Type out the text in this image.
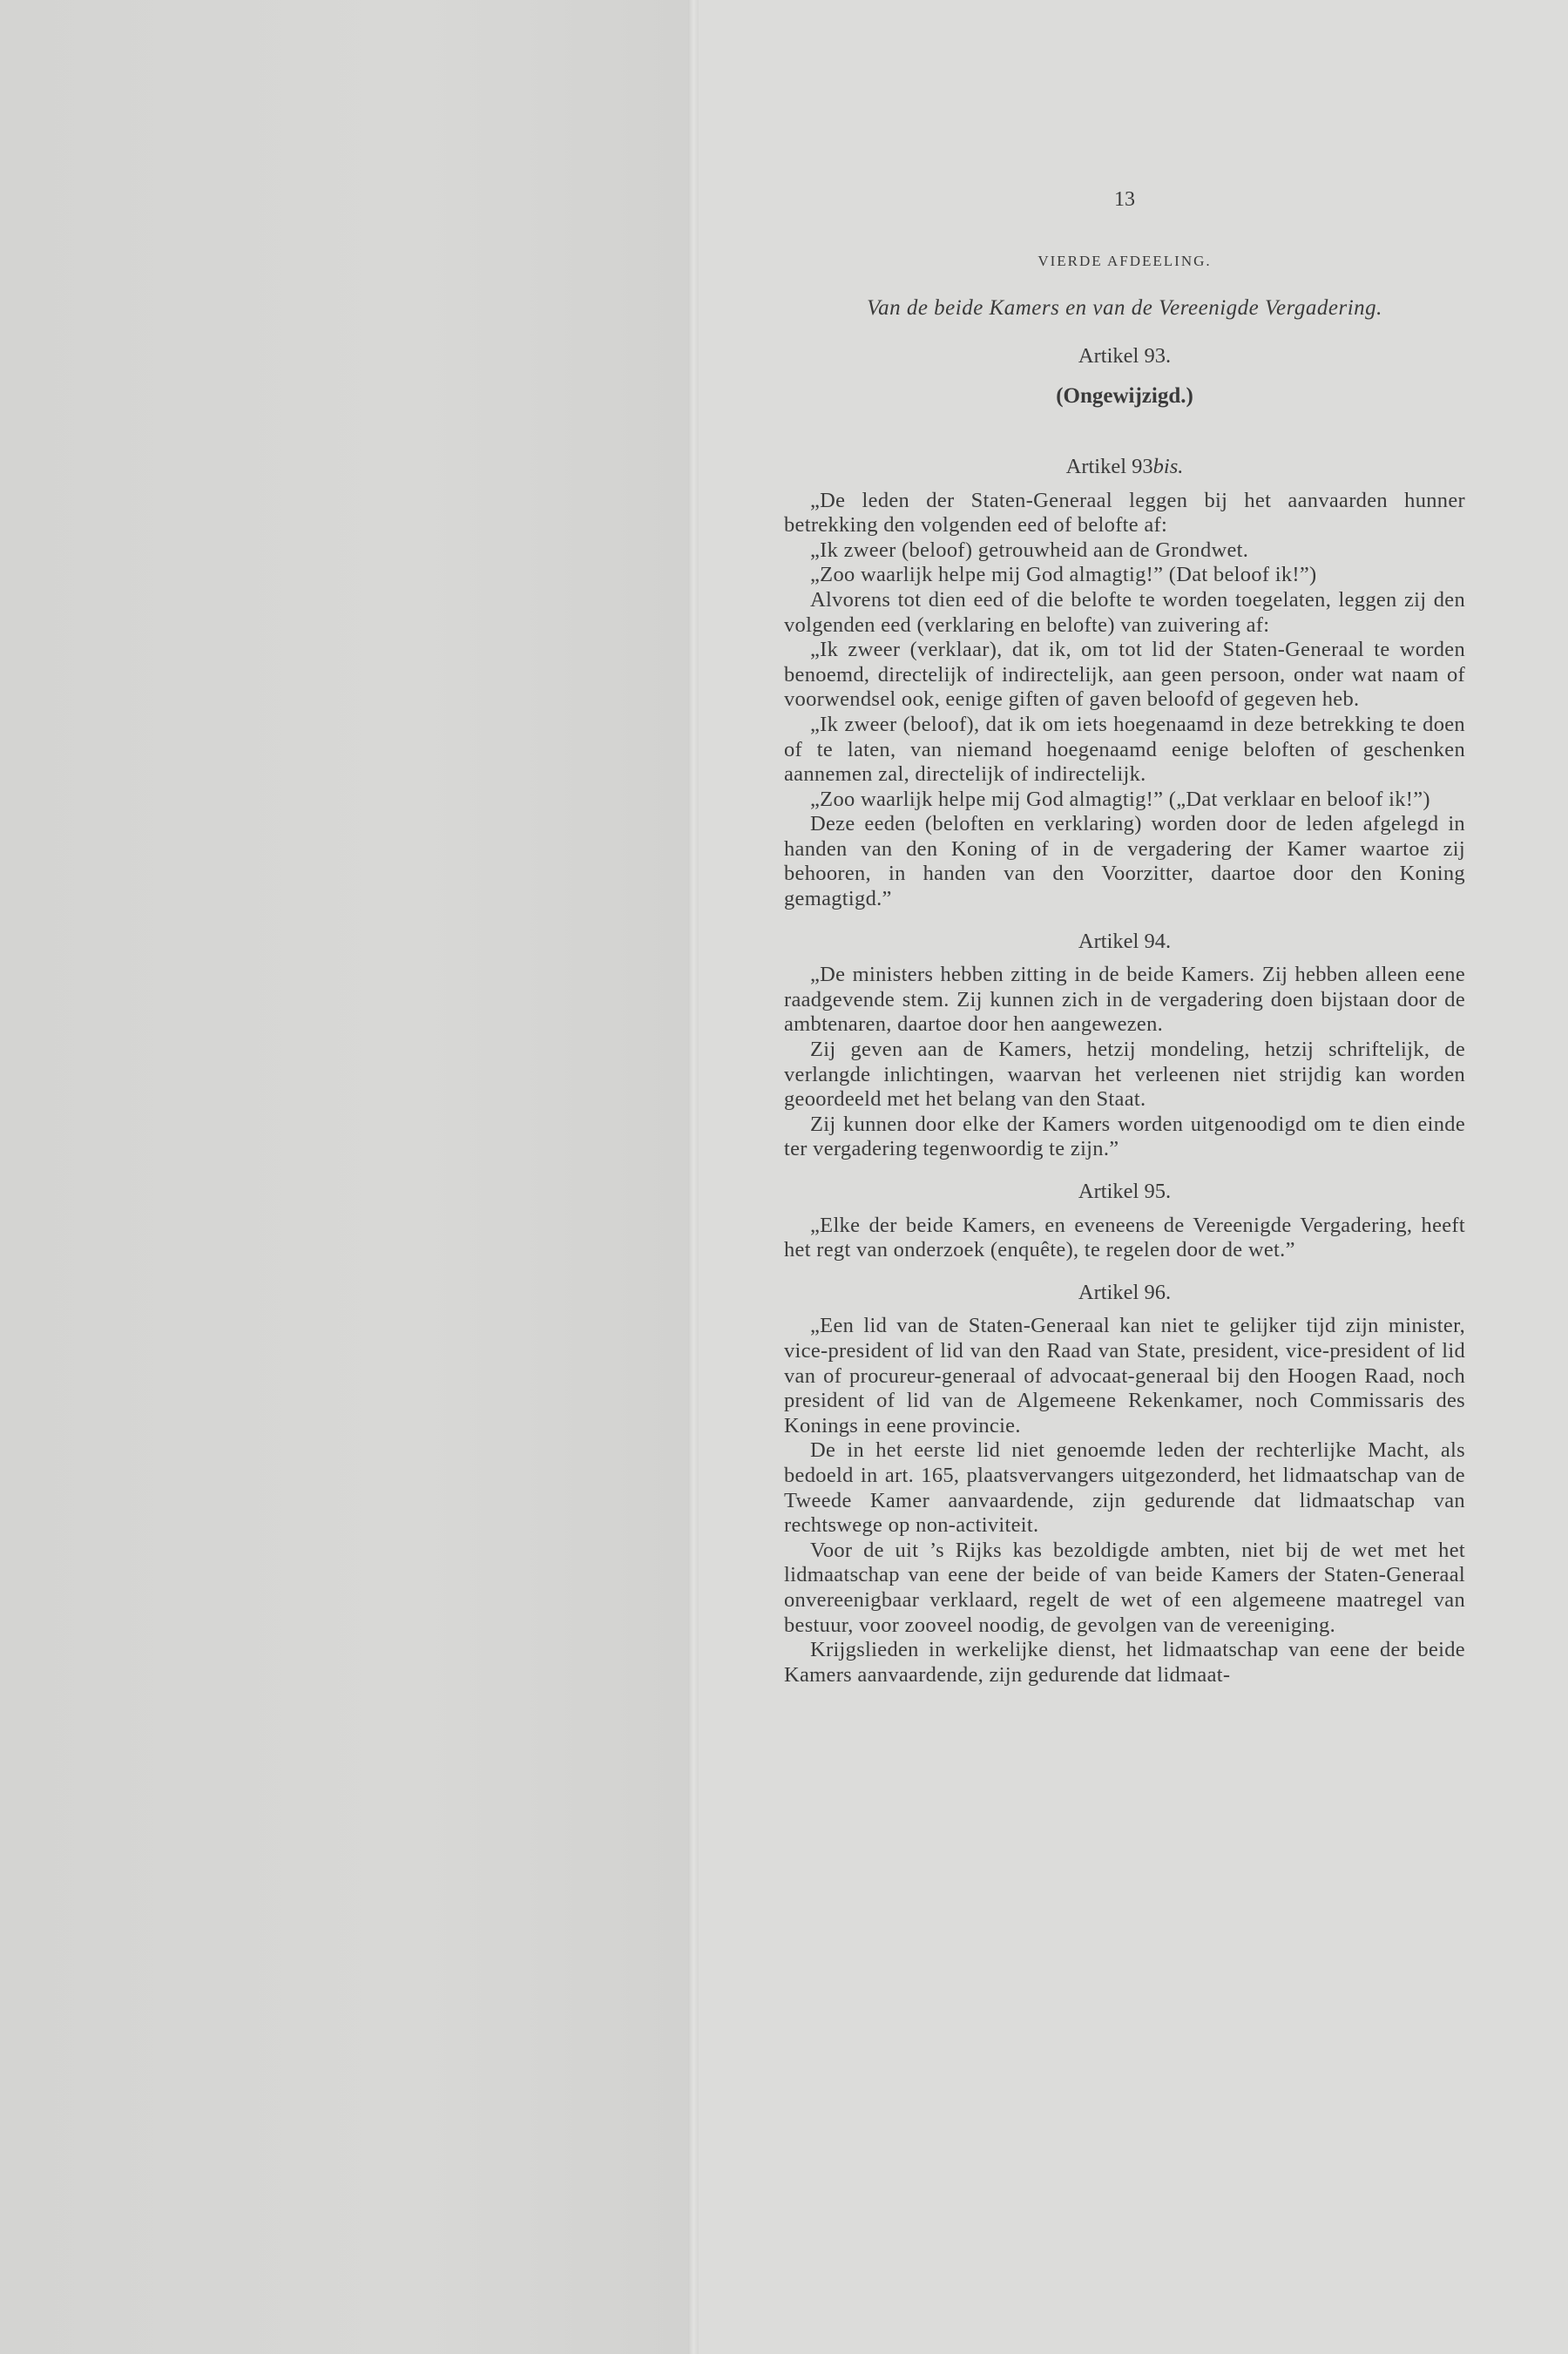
13
VIERDE AFDEELING.
Van de beide Kamers en van de Vereenigde Vergadering.
Artikel 93.
(Ongewijzigd.)
Artikel 93bis.

„De leden der Staten-Generaal leggen bij het aanvaarden hunner betrekking den volgenden eed of belofte af:

„Ik zweer (beloof) getrouwheid aan de Grondwet.

„Zoo waarlijk helpe mij God almagtig!” (Dat beloof ik!”)

Alvorens tot dien eed of die belofte te worden toegelaten, leggen zij den volgenden eed (verklaring en belofte) van zuivering af:

„Ik zweer (verklaar), dat ik, om tot lid der Staten-Generaal te worden benoemd, directelijk of indirectelijk, aan geen persoon, onder wat naam of voorwendsel ook, eenige giften of gaven beloofd of gegeven heb.

„Ik zweer (beloof), dat ik om iets hoegenaamd in deze betrekking te doen of te laten, van niemand hoegenaamd eenige beloften of geschenken aannemen zal, directelijk of indirectelijk.

„Zoo waarlijk helpe mij God almagtig!” („Dat verklaar en beloof ik!”)

Deze eeden (beloften en verklaring) worden door de leden afgelegd in handen van den Koning of in de vergadering der Kamer waartoe zij behooren, in handen van den Voorzitter, daartoe door den Koning gemagtigd.”

Artikel 94.

„De ministers hebben zitting in de beide Kamers. Zij hebben alleen eene raadgevende stem. Zij kunnen zich in de vergadering doen bijstaan door de ambtenaren, daartoe door hen aangewezen.

Zij geven aan de Kamers, hetzij mondeling, hetzij schriftelijk, de verlangde inlichtingen, waarvan het verleenen niet strijdig kan worden geoordeeld met het belang van den Staat.

Zij kunnen door elke der Kamers worden uitgenoodigd om te dien einde ter vergadering tegenwoordig te zijn.”

Artikel 95.

„Elke der beide Kamers, en eveneens de Vereenigde Vergadering, heeft het regt van onderzoek (enquête), te regelen door de wet.”

Artikel 96.

„Een lid van de Staten-Generaal kan niet te gelijker tijd zijn minister, vice-president of lid van den Raad van State, president, vice-president of lid van of procureur-generaal of advocaat-generaal bij den Hoogen Raad, noch president of lid van de Algemeene Rekenkamer, noch Commissaris des Konings in eene provincie.

De in het eerste lid niet genoemde leden der rechterlijke Macht, als bedoeld in art. 165, plaatsvervangers uitgezonderd, het lidmaatschap van de Tweede Kamer aanvaardende, zijn gedurende dat lidmaatschap van rechtswege op non-activiteit.

Voor de uit ’s Rijks kas bezoldigde ambten, niet bij de wet met het lidmaatschap van eene der beide of van beide Kamers der Staten-Generaal onvereenigbaar verklaard, regelt de wet of een algemeene maatregel van bestuur, voor zooveel noodig, de gevolgen van de vereeniging.

Krijgslieden in werkelijke dienst, het lidmaatschap van eene der beide Kamers aanvaardende, zijn gedurende dat lidmaat-
